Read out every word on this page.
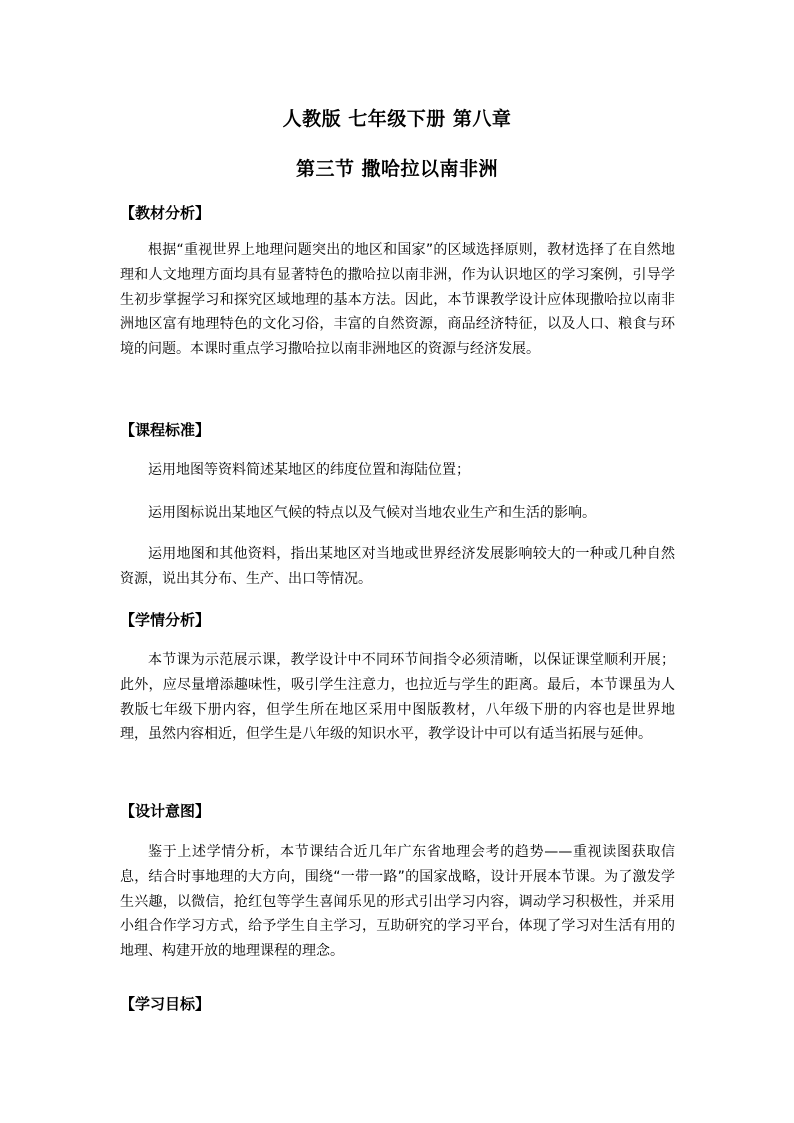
人教版 七年级下册 第八章
第三节 撒哈拉以南非洲
【教材分析】

根据“重视世界上地理问题突出的地区和国家”的区域选择原则，教材选择了在自然地理和人文地理方面均具有显著特色的撒哈拉以南非洲，作为认识地区的学习案例，引导学生初步掌握学习和探究区域地理的基本方法。因此，本节课教学设计应体现撒哈拉以南非洲地区富有地理特色的文化习俗，丰富的自然资源，商品经济特征，以及人口、粮食与环境的问题。本课时重点学习撒哈拉以南非洲地区的资源与经济发展。

【课程标准】
运用地图等资料简述某地区的纬度位置和海陆位置；
运用图标说出某地区气候的特点以及气候对当地农业生产和生活的影响。

运用地图和其他资料，指出某地区对当地或世界经济发展影响较大的一种或几种自然资源，说出其分布、生产、出口等情况。

【学情分析】

本节课为示范展示课，教学设计中不同环节间指令必须清晰，以保证课堂顺利开展；此外，应尽量增添趣味性，吸引学生注意力，也拉近与学生的距离。最后，本节课虽为人教版七年级下册内容，但学生所在地区采用中图版教材，八年级下册的内容也是世界地理，虽然内容相近，但学生是八年级的知识水平，教学设计中可以有适当拓展与延伸。

【设计意图】

鉴于上述学情分析，本节课结合近几年广东省地理会考的趋势——重视读图获取信息，结合时事地理的大方向，围绕“一带一路”的国家战略，设计开展本节课。为了激发学生兴趣，以微信，抢红包等学生喜闻乐见的形式引出学习内容，调动学习积极性，并采用小组合作学习方式，给予学生自主学习，互助研究的学习平台，体现了学习对生活有用的地理、构建开放的地理课程的理念。

【学习目标】
